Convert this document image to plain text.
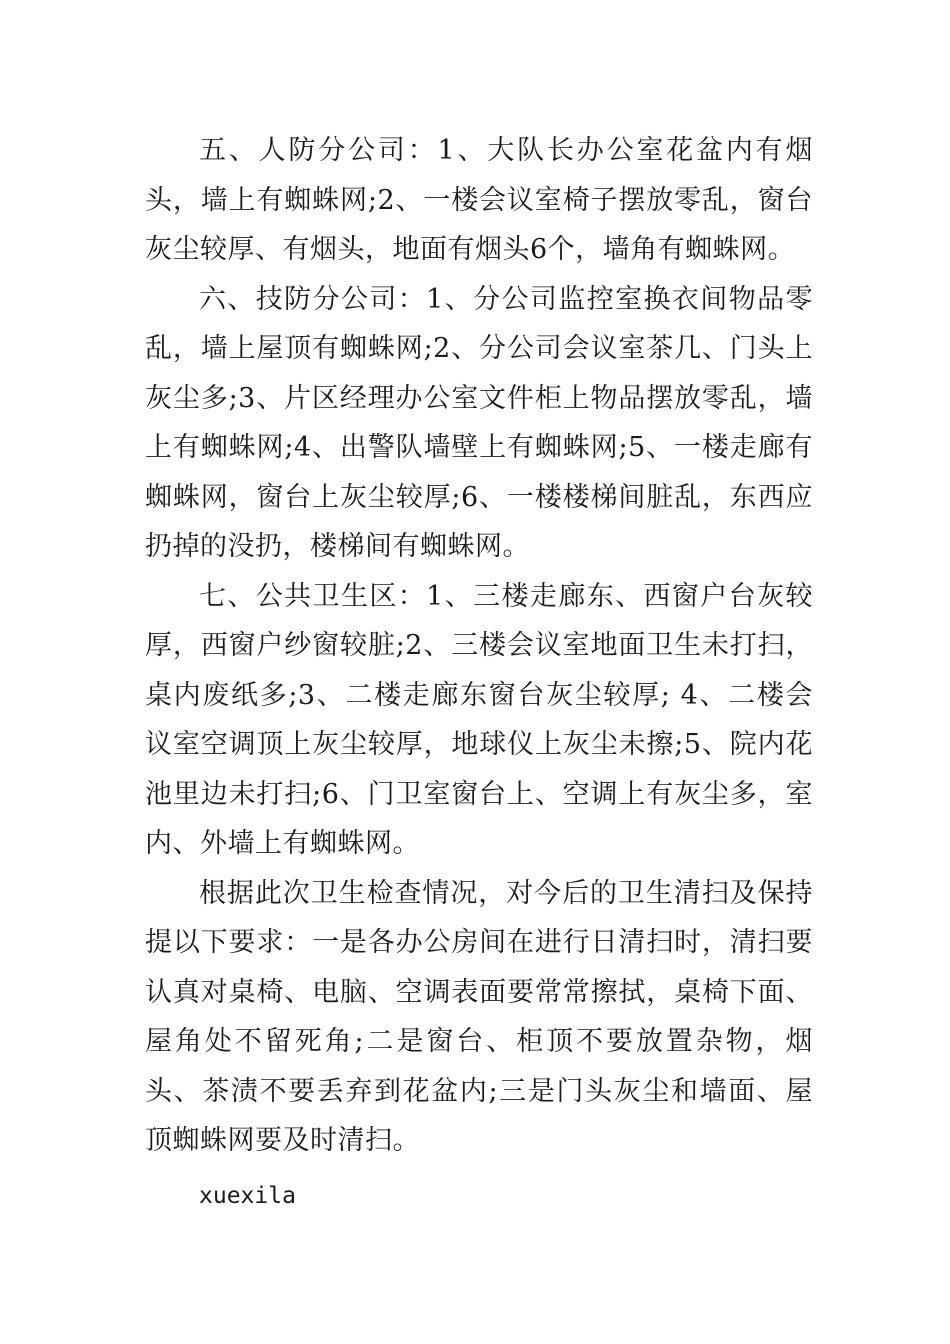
五、人防分公司：1、大队长办公室花盆内有烟头，墙上有蜘蛛网;2、一楼会议室椅子摆放零乱，窗台灰尘较厚、有烟头，地面有烟头6个，墙角有蜘蛛网。

六、技防分公司：1、分公司监控室换衣间物品零乱，墙上屋顶有蜘蛛网;2、分公司会议室茶几、门头上灰尘多;3、片区经理办公室文件柜上物品摆放零乱，墙上有蜘蛛网;4、出警队墙壁上有蜘蛛网;5、一楼走廊有蜘蛛网，窗台上灰尘较厚;6、一楼楼梯间脏乱，东西应扔掉的没扔，楼梯间有蜘蛛网。

七、公共卫生区：1、三楼走廊东、西窗户台灰较厚，西窗户纱窗较脏;2、三楼会议室地面卫生未打扫，桌内废纸多;3、二楼走廊东窗台灰尘较厚; 4、二楼会议室空调顶上灰尘较厚，地球仪上灰尘未擦;5、院内花池里边未打扫;6、门卫室窗台上、空调上有灰尘多，室内、外墙上有蜘蛛网。

根据此次卫生检查情况，对今后的卫生清扫及保持提以下要求：一是各办公房间在进行日清扫时，清扫要认真对桌椅、电脑、空调表面要常常擦拭，桌椅下面、屋角处不留死角;二是窗台、柜顶不要放置杂物，烟头、茶渍不要丢弃到花盆内;三是门头灰尘和墙面、屋顶蜘蛛网要及时清扫。

xuexila
